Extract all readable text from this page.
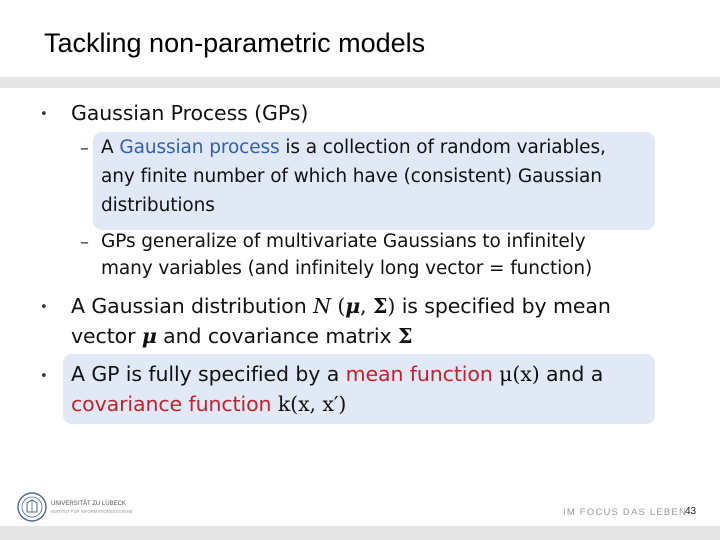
Tackling non-parametric models
• Gaussian Process (GPs)
– A Gaussian process is a collection of random variables,
any finite number of which have (consistent) Gaussian
distributions
– GPs generalize of multivariate Gaussians to infinitely
many variables (and infinitely long vector = function)
• A Gaussian distribution N (μ, Σ) is specified by mean
vector μ and covariance matrix Σ
• A GP is fully specified by a mean function μ(x) and a
covariance function k(x, x′)
UNIVERSITÄT ZU LÜBECK
INSTITUT FÜR INFORMATIONSSYSTEME	IM FOCUS DAS LEBEN
43
